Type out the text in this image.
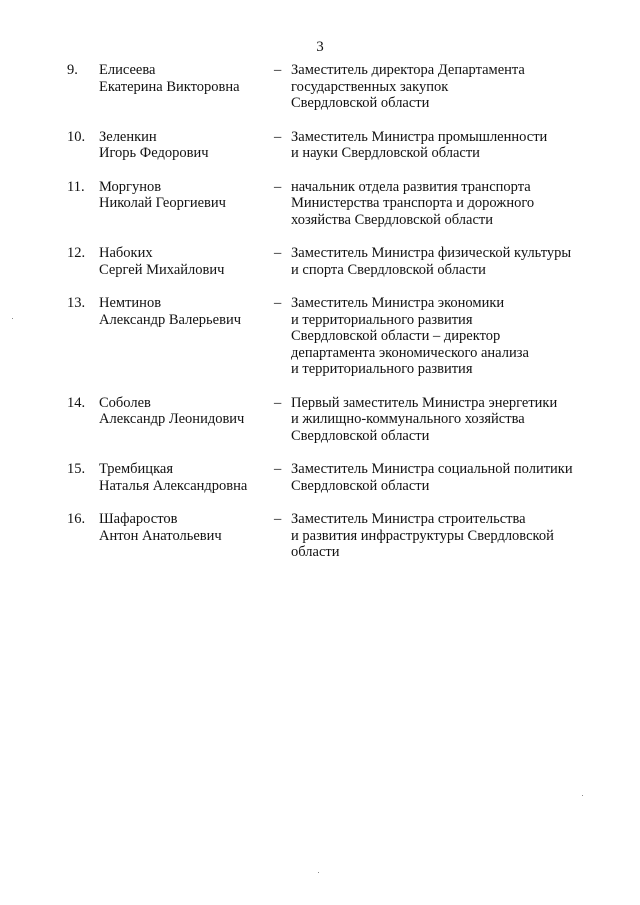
3
9. Елисеева
Екатерина Викторовна
– Заместитель директора Департамента
государственных закупок
Свердловской области
10. Зеленкин
Игорь Федорович
– Заместитель Министра промышленности
и науки Свердловской области
11. Моргунов
Николай Георгиевич
– начальник отдела развития транспорта
Министерства транспорта и дорожного
хозяйства Свердловской области
12. Набоких
Сергей Михайлович
– Заместитель Министра физической культуры
и спорта Свердловской области
13. Немтинов
Александр Валерьевич
– Заместитель Министра экономики
и территориального развития
Свердловской области – директор
департамента экономического анализа
и территориального развития
14. Соболев
Александр Леонидович
– Первый заместитель Министра энергетики
и жилищно-коммунального хозяйства
Свердловской области
15. Трембицкая
Наталья Александровна
– Заместитель Министра социальной политики
Свердловской области
16. Шафаростов
Антон Анатольевич
– Заместитель Министра строительства
и развития инфраструктуры Свердловской
области
